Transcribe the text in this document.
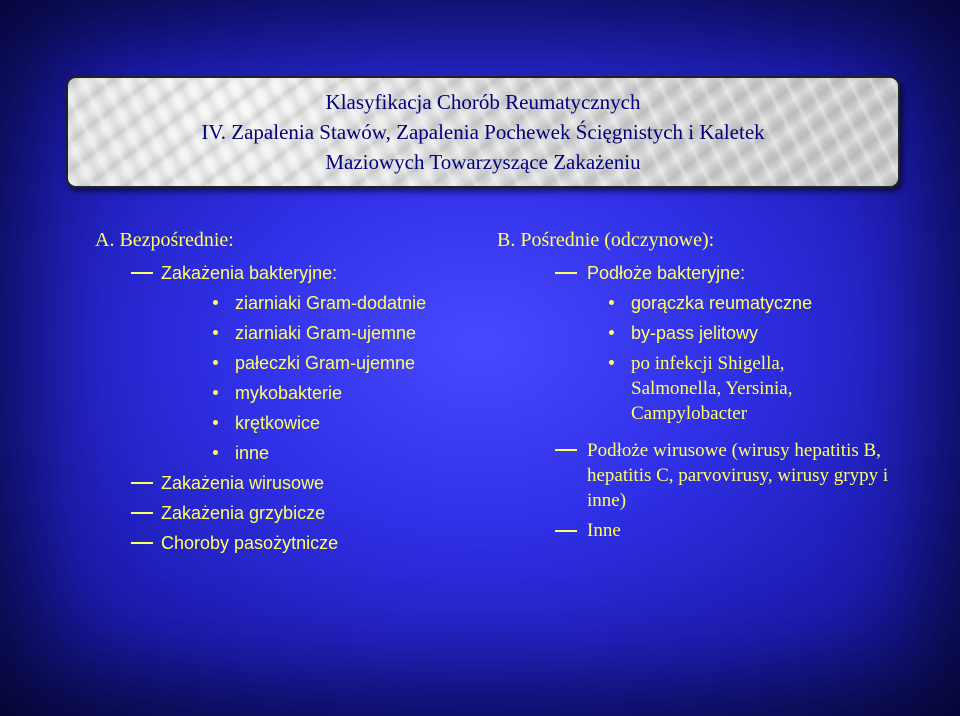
Klasyfikacja Chorób Reumatycznych
IV. Zapalenia Stawów, Zapalenia Pochewek Ścięgnistych i Kaletek
Maziowych Towarzyszące Zakażeniu
A. Bezpośrednie:
Zakażenia bakteryjne:
ziarniaki Gram-dodatnie
ziarniaki Gram-ujemne
pałeczki Gram-ujemne
mykobakterie
krętkowice
inne
Zakażenia wirusowe
Zakażenia grzybicze
Choroby pasożytnicze
B. Pośrednie (odczynowe):
Podłoże bakteryjne:
gorączka reumatyczne
by-pass jelitowy
po infekcji Shigella, Salmonella, Yersinia, Campylobacter
Podłoże wirusowe (wirusy hepatitis B, hepatitis C, parvovirusy, wirusy grypy i inne)
Inne
